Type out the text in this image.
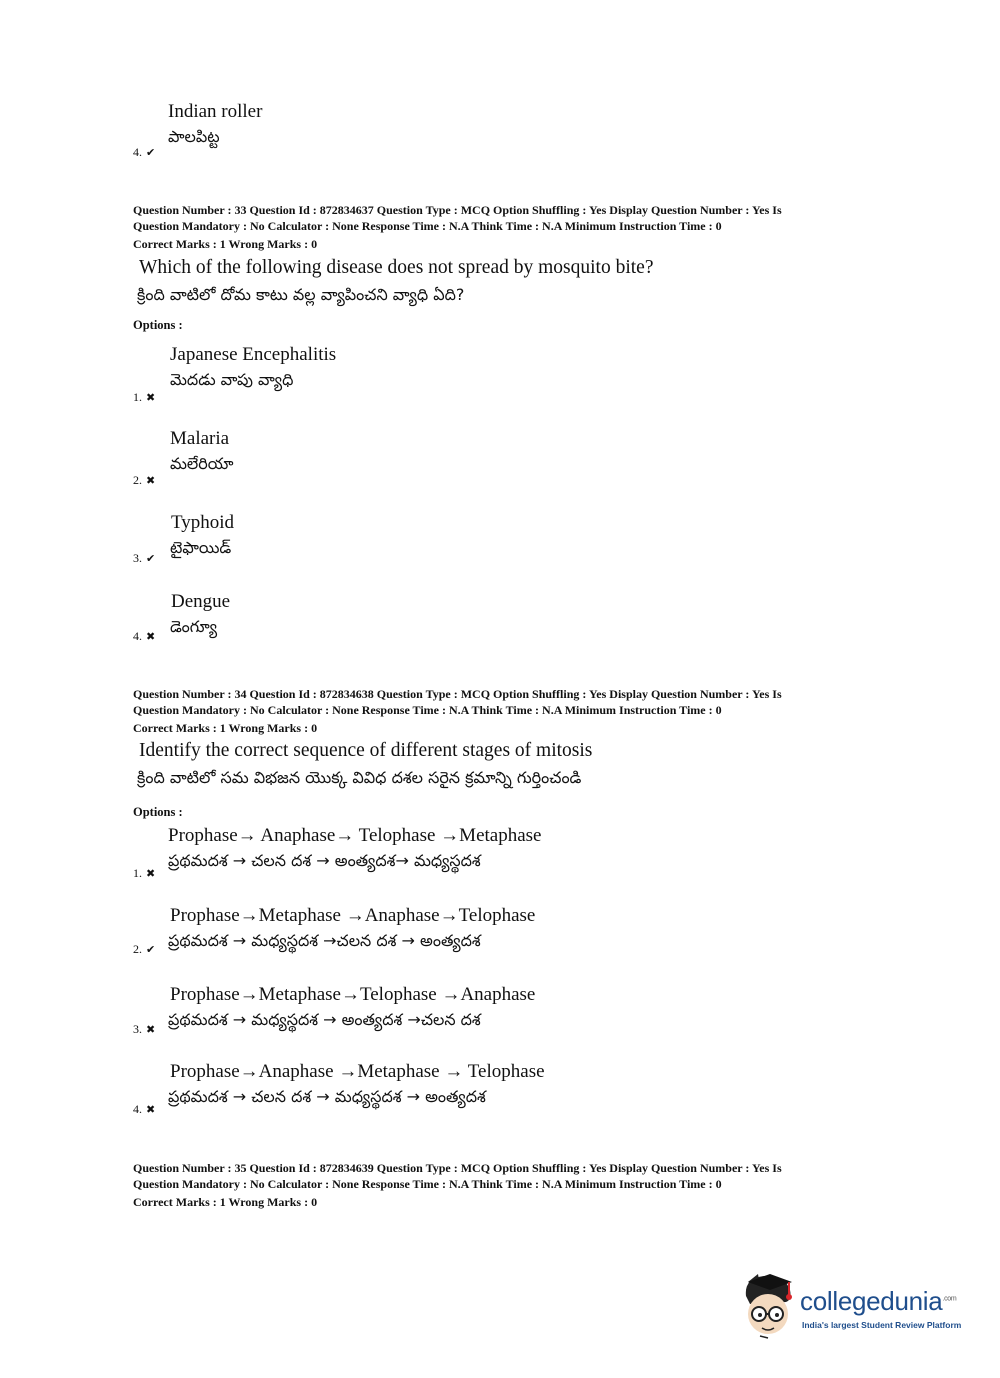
Indian roller
పాలపిట్ట
4. ✔
Question Number : 33 Question Id : 872834637 Question Type : MCQ Option Shuffling : Yes Display Question Number : Yes Is
Question Mandatory : No Calculator : None Response Time : N.A Think Time : N.A Minimum Instruction Time : 0
Correct Marks : 1 Wrong Marks : 0
Which of the following disease does not spread by mosquito bite?
క్రింది వాటిలో దోమ కాటు వల్ల వ్యాపించని వ్యాధి ఏది?
Options :
Japanese Encephalitis
మెదడు వాపు వ్యాధి
1. ✖
Malaria
మలేరియా
2. ✖
Typhoid
టైఫాయిడ్
3. ✔
Dengue
డెంగ్యూ
4. ✖
Question Number : 34 Question Id : 872834638 Question Type : MCQ Option Shuffling : Yes Display Question Number : Yes Is
Question Mandatory : No Calculator : None Response Time : N.A Think Time : N.A Minimum Instruction Time : 0
Correct Marks : 1 Wrong Marks : 0
Identify the correct sequence of different stages of mitosis
క్రింది వాటిలో సమ విభజన యొక్క వివిధ దశల సరైన క్రమాన్ని గుర్తించండి
Options :
Prophase→ Anaphase→ Telophase →Metaphase
ప్రథమదశ → చలన దశ → అంత్యదశ→ మధ్యస్థదశ
1. ✖
Prophase→Metaphase →Anaphase→Telophase
ప్రథమదశ → మధ్యస్థదశ →చలన దశ → అంత్యదశ
2. ✔
Prophase→Metaphase→Telophase →Anaphase
ప్రథమదశ → మధ్యస్థదశ → అంత్యదశ →చలన దశ
3. ✖
Prophase→Anaphase →Metaphase → Telophase
ప్రథమదశ → చలన దశ → మధ్యస్థదశ → అంత్యదశ
4. ✖
Question Number : 35 Question Id : 872834639 Question Type : MCQ Option Shuffling : Yes Display Question Number : Yes Is
Question Mandatory : No Calculator : None Response Time : N.A Think Time : N.A Minimum Instruction Time : 0
Correct Marks : 1 Wrong Marks : 0
collegedunia$^{.com}$
India's largest Student Review Platform
